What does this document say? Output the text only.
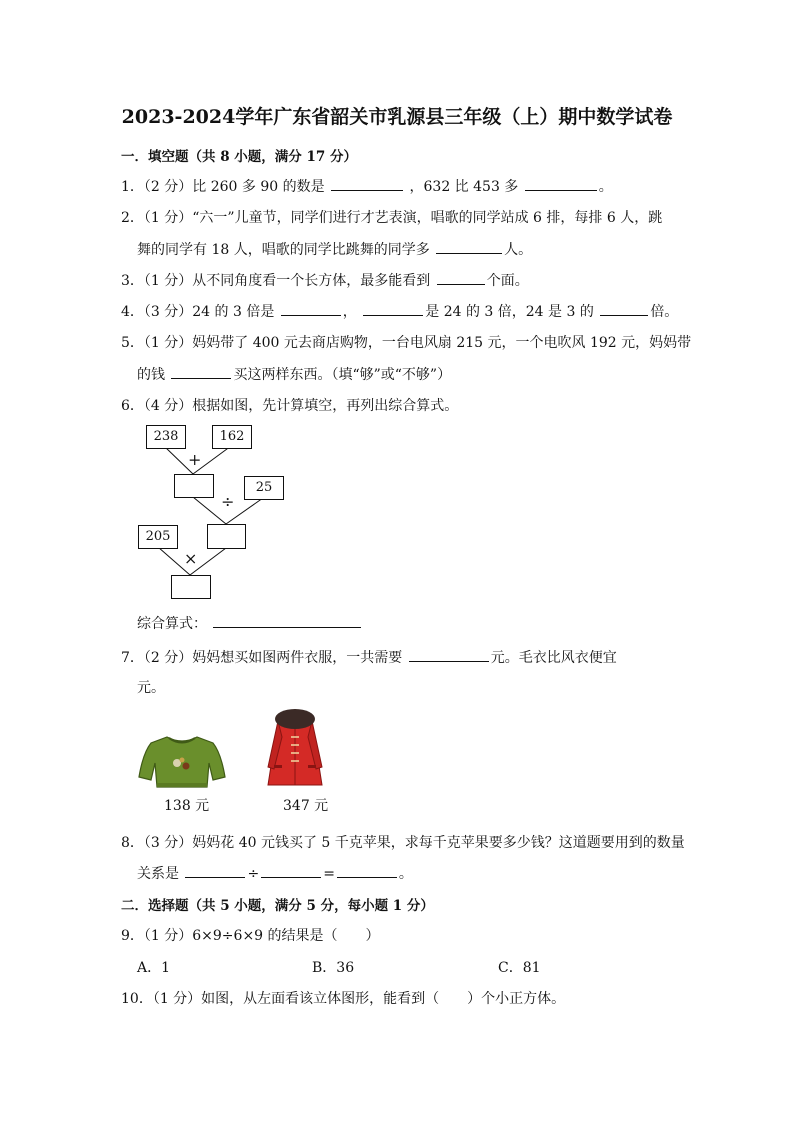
2023-2024学年广东省韶关市乳源县三年级（上）期中数学试卷
一．填空题（共 8 小题，满分 17 分）
1．（2 分）比 260 多 90 的数是	，632 比 453 多	。
2．（1 分）“六一”儿童节，同学们进行才艺表演，唱歌的同学站成 6 排，每排 6 人，跳
舞的同学有 18 人，唱歌的同学比跳舞的同学多	人。
3．（1 分）从不同角度看一个长方体，最多能看到	个面。
4．（3 分）24 的 3 倍是	，	是 24 的 3 倍，24 是 3 的	倍。
5．（1 分）妈妈带了 400 元去商店购物，一台电风扇 215 元，一个电吹风 192 元，妈妈带
的钱	买这两样东西。（填“够”或“不够”）
6．（4 分）根据如图，先计算填空，再列出综合算式。
238	162
+
25
÷
205
×
综合算式：
7．（2 分）妈妈想买如图两件衣服，一共需要	元。毛衣比风衣便宜
元。
138 元	347 元
8．（3 分）妈妈花 40 元钱买了 5 千克苹果，求每千克苹果要多少钱？这道题要用到的数量
关系是	÷	=	。
二．选择题（共 5 小题，满分 5 分，每小题 1 分）
9．（1 分）6×9÷6×9 的结果是（　　）
A．1	B．36	C．81
10．（1 分）如图，从左面看该立体图形，能看到（　　）个小正方体。
